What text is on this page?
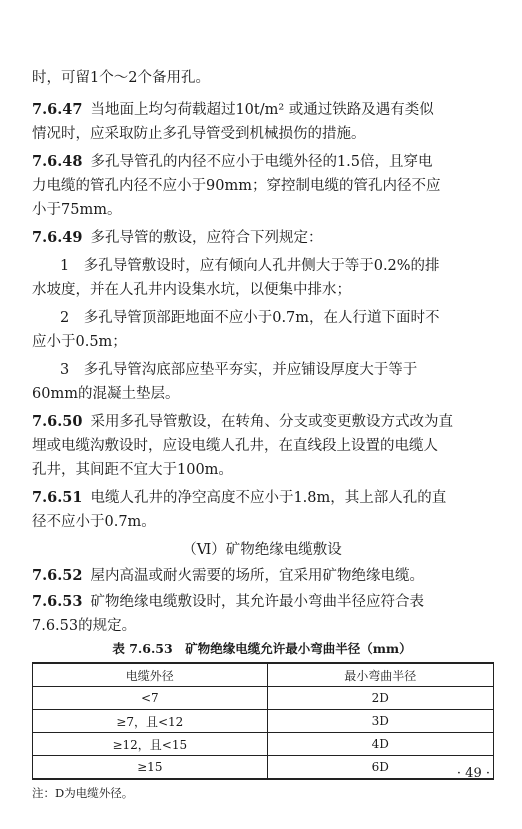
时，可留1个～2个备用孔。
7.6.47 当地面上均匀荷载超过10t/m² 或通过铁路及遇有类似
情况时，应采取防止多孔导管受到机械损伤的措施。
7.6.48 多孔导管孔的内径不应小于电缆外径的1.5倍，且穿电
力电缆的管孔内径不应小于90mm；穿控制电缆的管孔内径不应
小于75mm。
7.6.49 多孔导管的敷设，应符合下列规定：
1　多孔导管敷设时，应有倾向人孔井侧大于等于0.2%的排
水坡度，并在人孔井内设集水坑，以便集中排水；
2　多孔导管顶部距地面不应小于0.7m，在人行道下面时不
应小于0.5m；
3　多孔导管沟底部应垫平夯实，并应铺设厚度大于等于
60mm的混凝土垫层。
7.6.50 采用多孔导管敷设，在转角、分支或变更敷设方式改为直
埋或电缆沟敷设时，应设电缆人孔井，在直线段上设置的电缆人
孔井，其间距不宜大于100m。
7.6.51 电缆人孔井的净空高度不应小于1.8m，其上部人孔的直
径不应小于0.7m。
（Ⅵ）矿物绝缘电缆敷设
7.6.52 屋内高温或耐火需要的场所，宜采用矿物绝缘电缆。
7.6.53 矿物绝缘电缆敷设时，其允许最小弯曲半径应符合表
7.6.53的规定。
表 7.6.53　矿物绝缘电缆允许最小弯曲半径（mm）
电缆外径	最小弯曲半径
<7	2D
≥7，且<12	3D
≥12，且<15	4D
≥15	6D
注：D为电缆外径。
· 49 ·
